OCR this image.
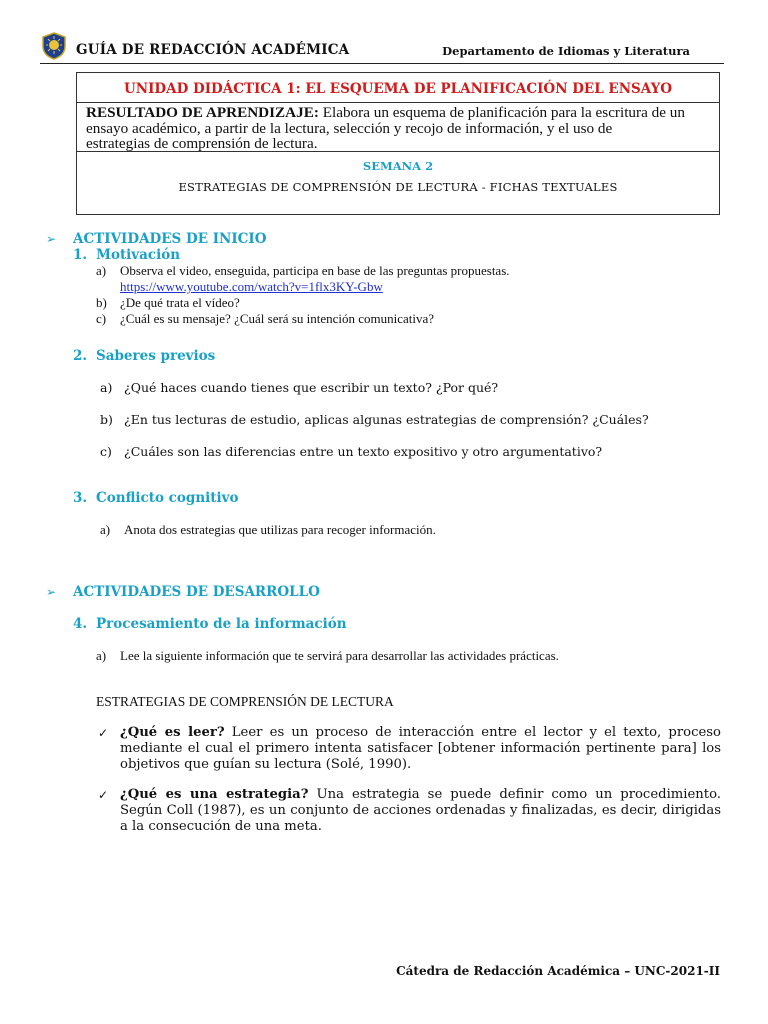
GUÍA DE REDACCIÓN ACADÉMICA	Departamento de Idiomas y Literatura
UNIDAD DIDÁCTICA 1: EL ESQUEMA DE PLANIFICACIÓN DEL ENSAYO
RESULTADO DE APRENDIZAJE: Elabora un esquema de planificación para la escritura de un
ensayo académico, a partir de la lectura, selección y recojo de información, y el uso de
estrategias de comprensión de lectura.
SEMANA 2
ESTRATEGIAS DE COMPRENSIÓN DE LECTURA - FICHAS TEXTUALES
➢ ACTIVIDADES DE INICIO
1. Motivación
a) Observa el video, enseguida, participa en base de las preguntas propuestas.
https://www.youtube.com/watch?v=1flx3KY-Gbw
b) ¿De qué trata el vídeo?
c) ¿Cuál es su mensaje? ¿Cuál será su intención comunicativa?
2. Saberes previos
a) ¿Qué haces cuando tienes que escribir un texto? ¿Por qué?
b) ¿En tus lecturas de estudio, aplicas algunas estrategias de comprensión? ¿Cuáles?
c) ¿Cuáles son las diferencias entre un texto expositivo y otro argumentativo?
3. Conflicto cognitivo
a) Anota dos estrategias que utilizas para recoger información.
➢ ACTIVIDADES DE DESARROLLO
4. Procesamiento de la información
a) Lee la siguiente información que te servirá para desarrollar las actividades prácticas.
ESTRATEGIAS DE COMPRENSIÓN DE LECTURA
✓ ¿Qué es leer? Leer es un proceso de interacción entre el lector y el texto, proceso mediante el cual el primero intenta satisfacer [obtener información pertinente para] los objetivos que guían su lectura (Solé, 1990).
✓ ¿Qué es una estrategia? Una estrategia se puede definir como un procedimiento. Según Coll (1987), es un conjunto de acciones ordenadas y finalizadas, es decir, dirigidas a la consecución de una meta.
Cátedra de Redacción Académica – UNC-2021-II
